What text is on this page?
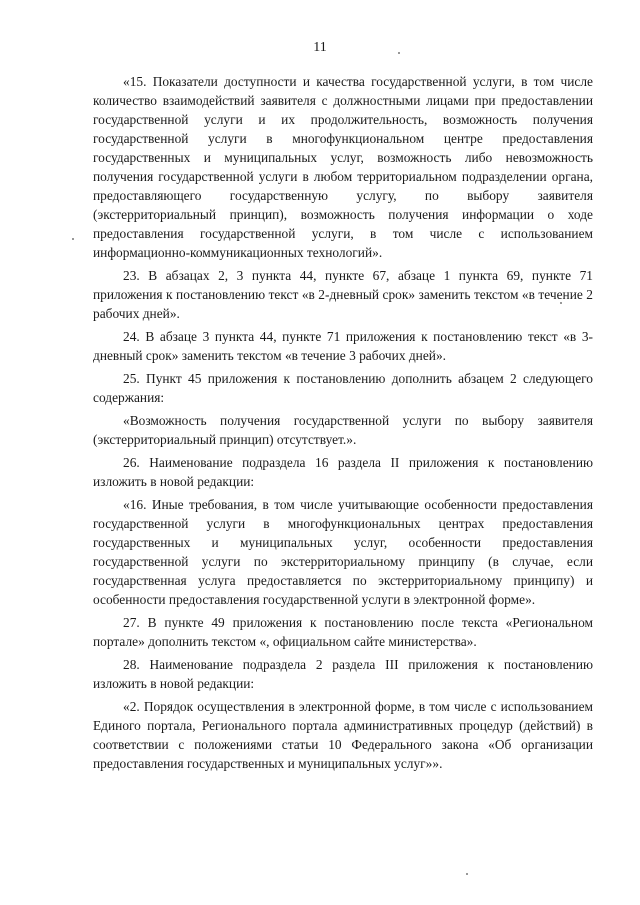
11

«15. Показатели доступности и качества государственной услуги, в том числе количество взаимодействий заявителя с должностными лицами при предоставлении государственной услуги и их продолжительность, возможность получения государственной услуги в многофункциональном центре предоставления государственных и муниципальных услуг, возможность либо невозможность получения государственной услуги в любом территориальном подразделении органа, предоставляющего государственную услугу, по выбору заявителя (экстерриториальный принцип), возможность получения информации о ходе предоставления государственной услуги, в том числе с использованием информационно-коммуникационных технологий».

23. В абзацах 2, 3 пункта 44, пункте 67, абзаце 1 пункта 69, пункте 71 приложения к постановлению текст «в 2-дневный срок» заменить текстом «в течение 2 рабочих дней».

24. В абзаце 3 пункта 44, пункте 71 приложения к постановлению текст «в 3-дневный срок» заменить текстом «в течение 3 рабочих дней».

25. Пункт 45 приложения к постановлению дополнить абзацем 2 следующего содержания:

«Возможность получения государственной услуги по выбору заявителя (экстерриториальный принцип) отсутствует.».

26. Наименование подраздела 16 раздела II приложения к постановлению изложить в новой редакции:

«16. Иные требования, в том числе учитывающие особенности предоставления государственной услуги в многофункциональных центрах предоставления государственных и муниципальных услуг, особенности предоставления государственной услуги по экстерриториальному принципу (в случае, если государственная услуга предоставляется по экстерриториальному принципу) и особенности предоставления государственной услуги в электронной форме».

27. В пункте 49 приложения к постановлению после текста «Региональном портале» дополнить текстом «, официальном сайте министерства».

28. Наименование подраздела 2 раздела III приложения к постановлению изложить в новой редакции:

«2. Порядок осуществления в электронной форме, в том числе с использованием Единого портала, Регионального портала административных процедур (действий) в соответствии с положениями статьи 10 Федерального закона «Об организации предоставления государственных и муниципальных услуг»».
